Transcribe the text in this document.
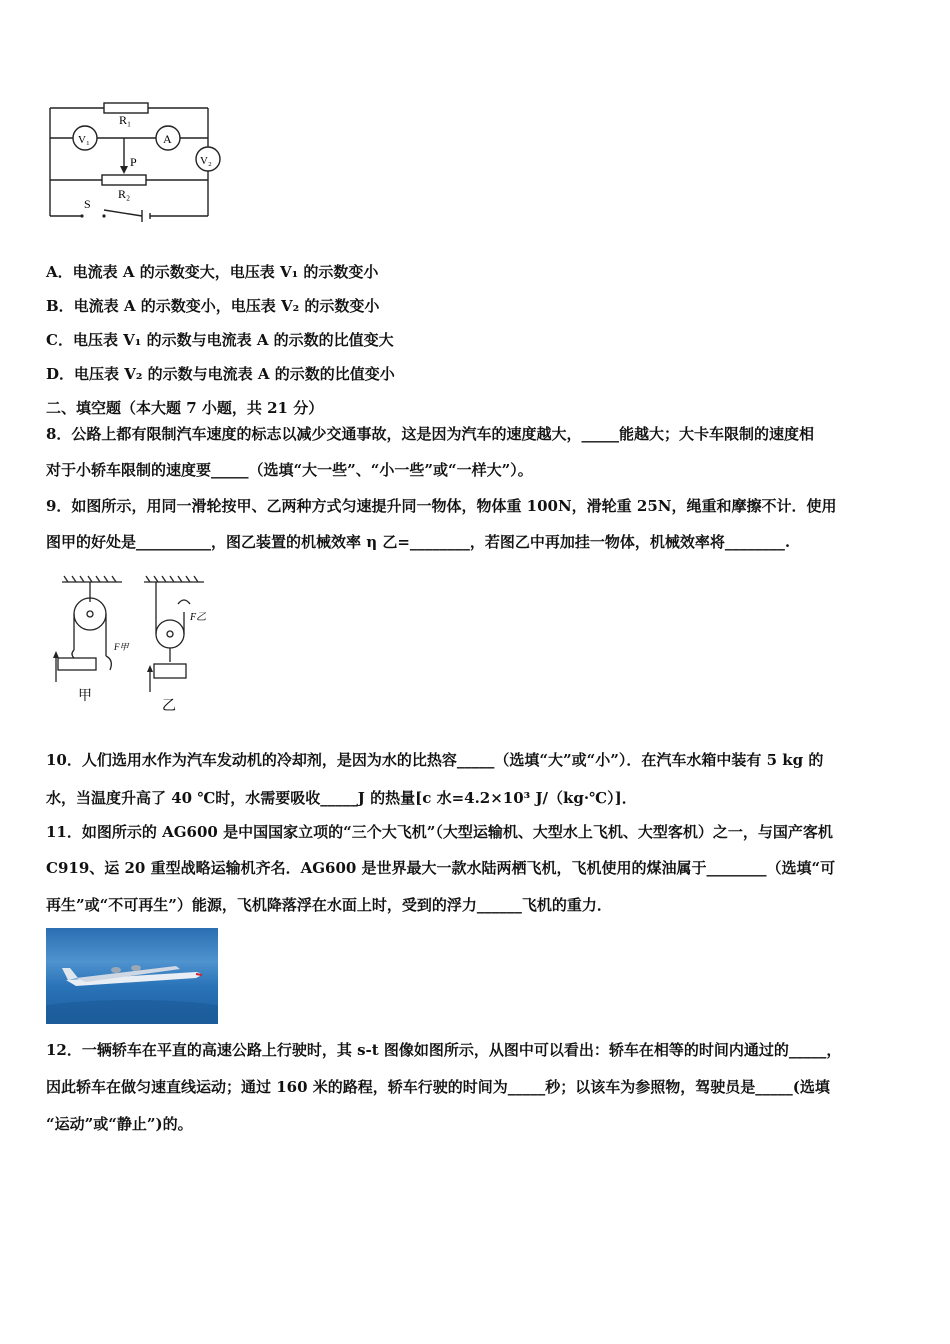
R₁
V₁	A
V₂
P
R₂
S
A．电流表 A 的示数变大，电压表 V₁ 的示数变小
B．电流表 A 的示数变小，电压表 V₂ 的示数变小
C．电压表 V₁ 的示数与电流表 A 的示数的比值变大
D．电压表 V₂ 的示数与电流表 A 的示数的比值变小
二、填空题（本大题 7 小题，共 21 分）
8．公路上都有限制汽车速度的标志以减少交通事故，这是因为汽车的速度越大，_____能越大；大卡车限制的速度相
对于小轿车限制的速度要_____（选填“大一些”、“小一些”或“一样大”）。
9．如图所示，用同一滑轮按甲、乙两种方式匀速提升同一物体，物体重 100N，滑轮重 25N，绳重和摩擦不计．使用
图甲的好处是__________，图乙装置的机械效率 η 乙=________，若图乙中再加挂一物体，机械效率将________.
F甲
F乙
甲
乙
10．人们选用水作为汽车发动机的冷却剂，是因为水的比热容_____（选填“大”或“小”）．在汽车水箱中装有 5 kg 的
水，当温度升高了 40 ℃时，水需要吸收_____J 的热量[c 水=4.2×10³ J/（kg·℃）]．
11．如图所示的 AG600 是中国国家立项的“三个大飞机”（大型运输机、大型水上飞机、大型客机）之一，与国产客机
C919、运 20 重型战略运输机齐名．AG600 是世界最大一款水陆两栖飞机，飞机使用的煤油属于________（选填“可
再生”或“不可再生”）能源，飞机降落浮在水面上时，受到的浮力______飞机的重力．
12．一辆轿车在平直的高速公路上行驶时，其 s-t 图像如图所示，从图中可以看出：轿车在相等的时间内通过的_____，
因此轿车在做匀速直线运动；通过 160 米的路程，轿车行驶的时间为_____秒；以该车为参照物，驾驶员是_____(选填
“运动”或“静止”)的。
